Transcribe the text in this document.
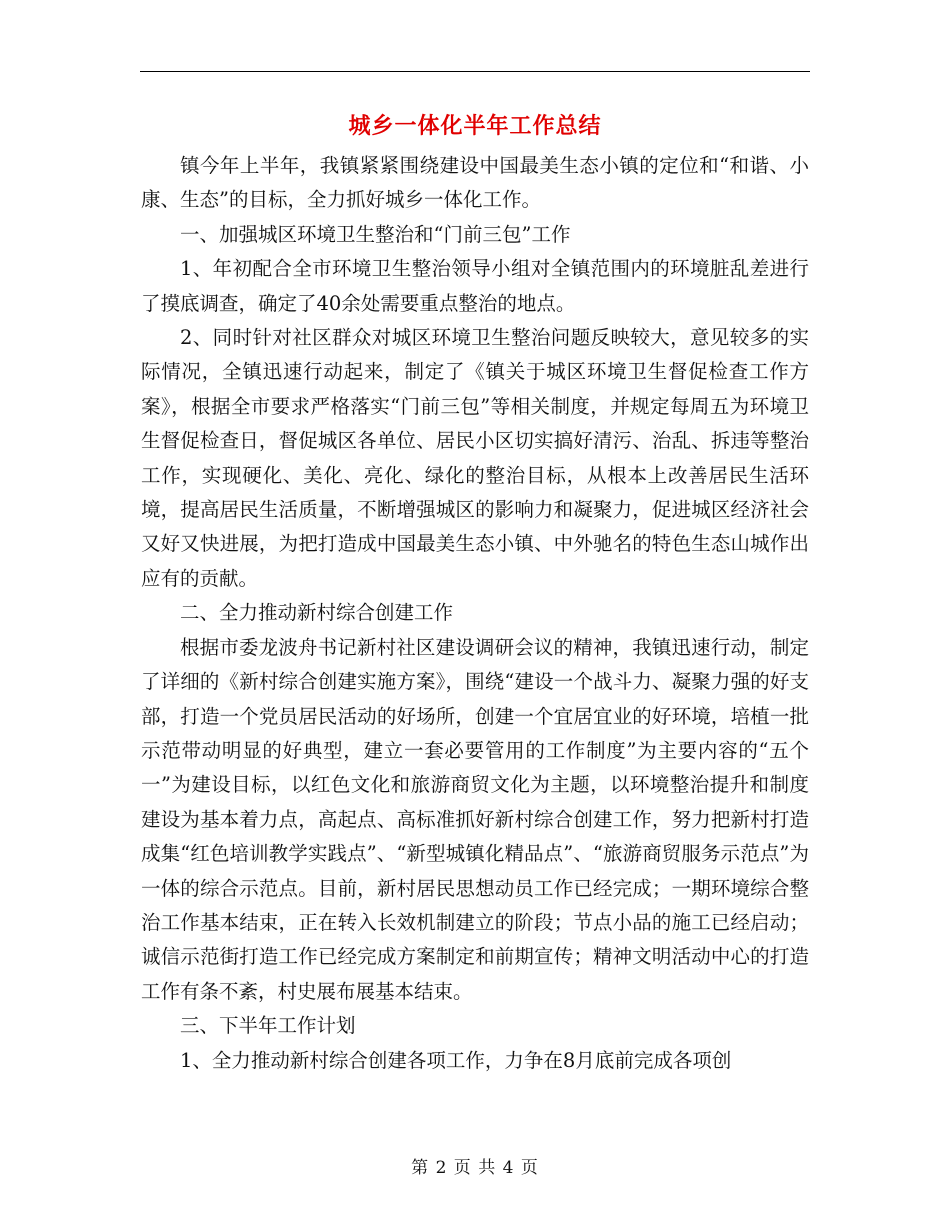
城乡一体化半年工作总结

镇今年上半年，我镇紧紧围绕建设中国最美生态小镇的定位和“和谐、小康、生态”的目标，全力抓好城乡一体化工作。

一、加强城区环境卫生整治和“门前三包”工作

1、年初配合全市环境卫生整治领导小组对全镇范围内的环境脏乱差进行了摸底调查，确定了40余处需要重点整治的地点。

2、同时针对社区群众对城区环境卫生整治问题反映较大，意见较多的实际情况，全镇迅速行动起来，制定了《镇关于城区环境卫生督促检查工作方案》，根据全市要求严格落实“门前三包”等相关制度，并规定每周五为环境卫生督促检查日，督促城区各单位、居民小区切实搞好清污、治乱、拆违等整治工作，实现硬化、美化、亮化、绿化的整治目标，从根本上改善居民生活环境，提高居民生活质量，不断增强城区的影响力和凝聚力，促进城区经济社会又好又快进展，为把打造成中国最美生态小镇、中外驰名的特色生态山城作出应有的贡献。

二、全力推动新村综合创建工作

根据市委龙波舟书记新村社区建设调研会议的精神，我镇迅速行动，制定了详细的《新村综合创建实施方案》，围绕“建设一个战斗力、凝聚力强的好支部，打造一个党员居民活动的好场所，创建一个宜居宜业的好环境，培植一批示范带动明显的好典型，建立一套必要管用的工作制度”为主要内容的“五个一”为建设目标，以红色文化和旅游商贸文化为主题，以环境整治提升和制度建设为基本着力点，高起点、高标准抓好新村综合创建工作，努力把新村打造成集“红色培训教学实践点”、“新型城镇化精品点”、“旅游商贸服务示范点”为一体的综合示范点。目前，新村居民思想动员工作已经完成；一期环境综合整治工作基本结束，正在转入长效机制建立的阶段；节点小品的施工已经启动；诚信示范街打造工作已经完成方案制定和前期宣传；精神文明活动中心的打造工作有条不紊，村史展布展基本结束。

三、下半年工作计划

1、全力推动新村综合创建各项工作，力争在8月底前完成各项创

第 2 页 共 4 页
